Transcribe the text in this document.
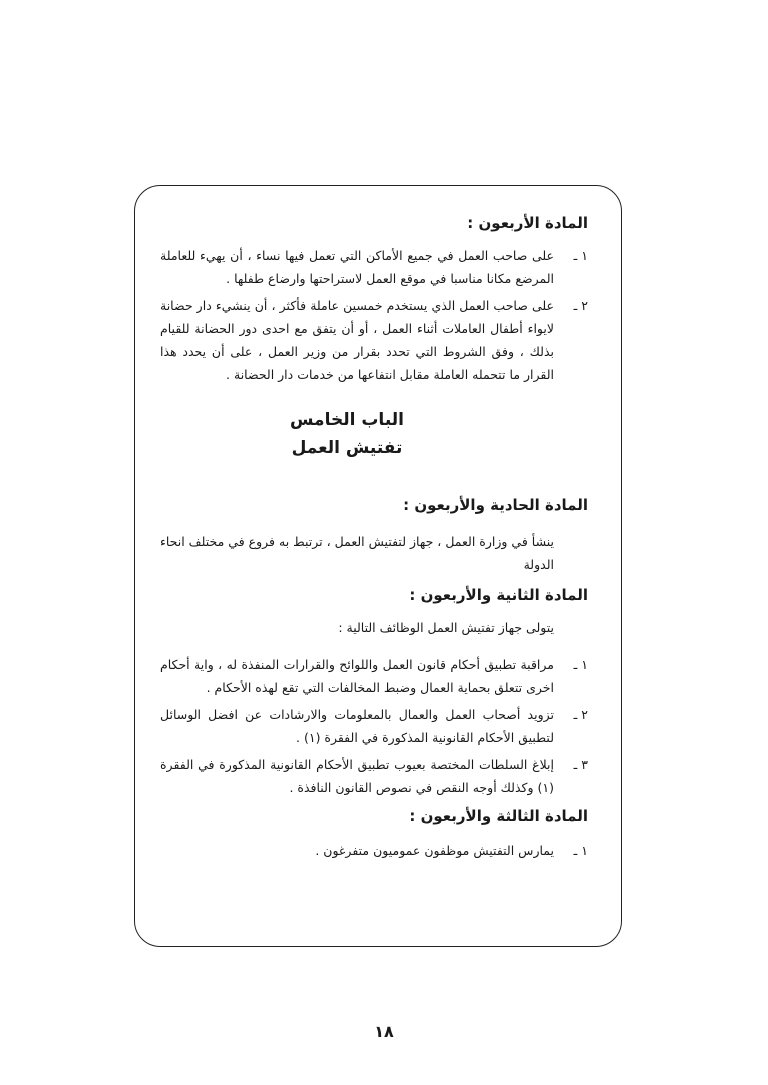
المادة الأربعون :
١ ـ
على صاحب العمل في جميع الأماكن التي تعمل فيها نساء ، أن يهيء للعاملة المرضع مكانا مناسبا في موقع العمل لاستراحتها وارضاع طفلها .
٢ ـ
على صاحب العمل الذي يستخدم خمسين عاملة فأكثر ، أن ينشيء دار حضانة لايواء أطفال العاملات أثناء العمل ، أو أن يتفق مع احدى دور الحضانة للقيام بذلك ، وفق الشروط التي تحدد بقرار من وزير العمل ، على أن يحدد هذا القرار ما تتحمله العاملة مقابل انتفاعها من خدمات دار الحضانة .

الباب الخامس

تفتيش العمل

المادة الحادية والأربعون :

ينشأ في وزارة العمل ، جهاز لتفتيش العمل ، ترتبط به فروع في مختلف انحاء الدولة

المادة الثانية والأربعون :

يتولى جهاز تفتيش العمل الوظائف التالية :

١ ـ
مراقبة تطبيق أحكام قانون العمل واللوائح والقرارات المنفذة له ، واية أحكام اخرى تتعلق بحماية العمال وضبط المخالفات التي تقع لهذه الأحكام .
٢ ـ
تزويد أصحاب العمل والعمال بالمعلومات والارشادات عن افضل الوسائل لتطبيق الأحكام القانونية المذكورة في الفقرة (١) .
٣ ـ
إبلاغ السلطات المختصة بعيوب تطبيق الأحكام القانونية المذكورة في الفقرة (١) وكذلك أوجه النقص في نصوص القانون النافذة .
المادة الثالثة والأربعون :
١ ـ
يمارس التفتيش موظفون عموميون متفرغون .
١٨
